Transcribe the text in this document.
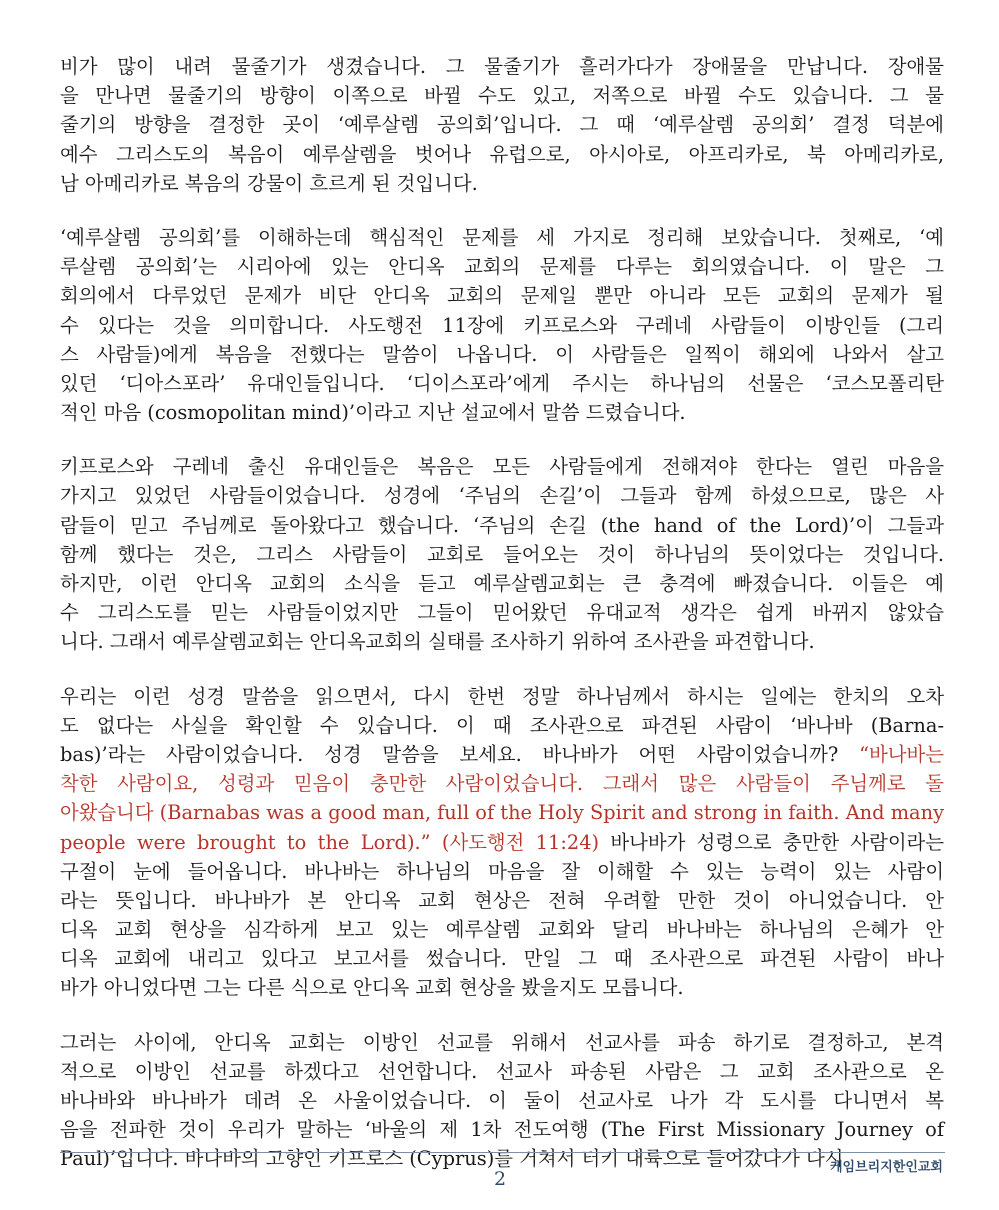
비가 많이 내려 물줄기가 생겼습니다. 그 물줄기가 흘러가다가 장애물을 만납니다. 장애물
을 만나면 물줄기의 방향이 이쪽으로 바뀔 수도 있고, 저쪽으로 바뀔 수도 있습니다. 그 물
줄기의 방향을 결정한 곳이 ‘예루살렘 공의회’입니다. 그 때 ‘예루살렘 공의회’ 결정 덕분에
예수 그리스도의 복음이 예루살렘을 벗어나 유럽으로, 아시아로, 아프리카로, 북 아메리카로,
남 아메리카로 복음의 강물이 흐르게 된 것입니다.
‘예루살렘 공의회’를 이해하는데 핵심적인 문제를 세 가지로 정리해 보았습니다. 첫째로, ‘예
루살렘 공의회’는 시리아에 있는 안디옥 교회의 문제를 다루는 회의였습니다. 이 말은 그
회의에서 다루었던 문제가 비단 안디옥 교회의 문제일 뿐만 아니라 모든 교회의 문제가 될
수 있다는 것을 의미합니다. 사도행전 11장에 키프로스와 구레네 사람들이 이방인들 (그리
스 사람들)에게 복음을 전했다는 말씀이 나옵니다. 이 사람들은 일찍이 해외에 나와서 살고
있던 ‘디아스포라’ 유대인들입니다. ‘디이스포라’에게 주시는 하나님의 선물은 ‘코스모폴리탄
적인 마음 (cosmopolitan mind)’이라고 지난 설교에서 말씀 드렸습니다.
키프로스와 구레네 출신 유대인들은 복음은 모든 사람들에게 전해져야 한다는 열린 마음을
가지고 있었던 사람들이었습니다. 성경에 ‘주님의 손길’이 그들과 함께 하셨으므로, 많은 사
람들이 믿고 주님께로 돌아왔다고 했습니다. ‘주님의 손길 (the hand of the Lord)’이 그들과
함께 했다는 것은, 그리스 사람들이 교회로 들어오는 것이 하나님의 뜻이었다는 것입니다.
하지만, 이런 안디옥 교회의 소식을 듣고 예루살렘교회는 큰 충격에 빠졌습니다. 이들은 예
수 그리스도를 믿는 사람들이었지만 그들이 믿어왔던 유대교적 생각은 쉽게 바뀌지 않았습
니다. 그래서 예루살렘교회는 안디옥교회의 실태를 조사하기 위하여 조사관을 파견합니다.
우리는 이런 성경 말씀을 읽으면서, 다시 한번 정말 하나님께서 하시는 일에는 한치의 오차
도 없다는 사실을 확인할 수 있습니다. 이 때 조사관으로 파견된 사람이 ‘바나바 (Barna-
bas)’라는 사람이었습니다. 성경 말씀을 보세요. 바나바가 어떤 사람이었습니까? “바나바는
착한 사람이요, 성령과 믿음이 충만한 사람이었습니다. 그래서 많은 사람들이 주님께로 돌
아왔습니다 (Barnabas was a good man, full of the Holy Spirit and strong in faith. And many
people were brought to the Lord).” (사도행전 11:24) 바나바가 성령으로 충만한 사람이라는
구절이 눈에 들어옵니다. 바나바는 하나님의 마음을 잘 이해할 수 있는 능력이 있는 사람이
라는 뜻입니다. 바나바가 본 안디옥 교회 현상은 전혀 우려할 만한 것이 아니었습니다. 안
디옥 교회 현상을 심각하게 보고 있는 예루살렘 교회와 달리 바나바는 하나님의 은혜가 안
디옥 교회에 내리고 있다고 보고서를 썼습니다. 만일 그 때 조사관으로 파견된 사람이 바나
바가 아니었다면 그는 다른 식으로 안디옥 교회 현상을 봤을지도 모릅니다.
그러는 사이에, 안디옥 교회는 이방인 선교를 위해서 선교사를 파송 하기로 결정하고, 본격
적으로 이방인 선교를 하겠다고 선언합니다. 선교사 파송된 사람은 그 교회 조사관으로 온
바나바와 바나바가 데려 온 사울이었습니다. 이 둘이 선교사로 나가 각 도시를 다니면서 복
음을 전파한 것이 우리가 말하는 ‘바울의 제 1차 전도여행 (The First Missionary Journey of
Paul)’입니다. 바나바의 고향인 키프로스 (Cyprus)를 거쳐서 터키 내륙으로 들어갔다가 다시
2
케임브리지한인교회
